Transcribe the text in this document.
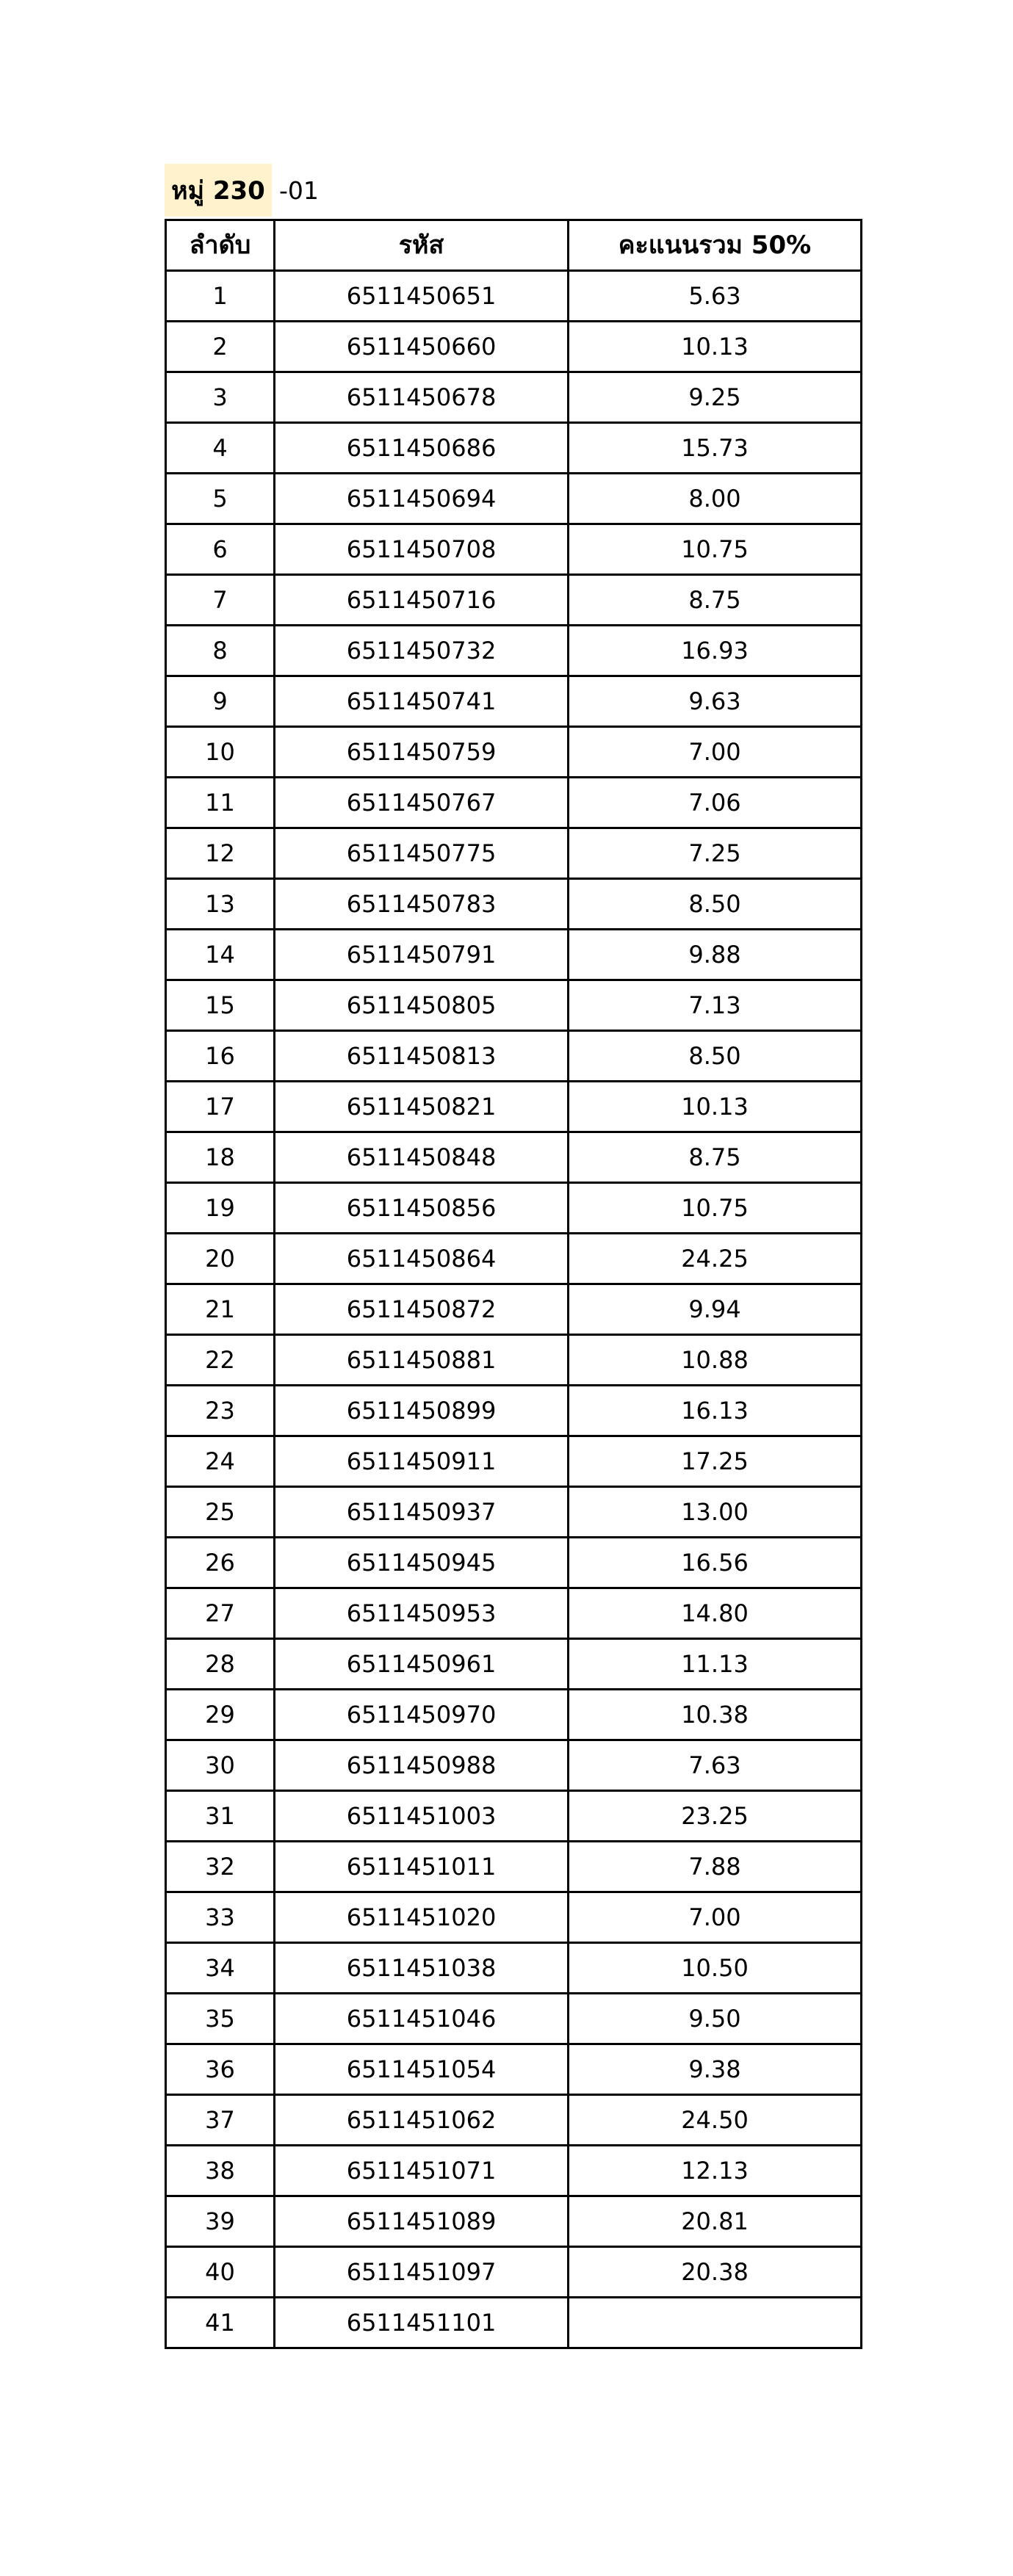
หมู่ 230 -01
ลำดับ	รหัส	คะแนนรวม 50%
1	6511450651	5.63
2	6511450660	10.13
3	6511450678	9.25
4	6511450686	15.73
5	6511450694	8.00
6	6511450708	10.75
7	6511450716	8.75
8	6511450732	16.93
9	6511450741	9.63
10	6511450759	7.00
11	6511450767	7.06
12	6511450775	7.25
13	6511450783	8.50
14	6511450791	9.88
15	6511450805	7.13
16	6511450813	8.50
17	6511450821	10.13
18	6511450848	8.75
19	6511450856	10.75
20	6511450864	24.25
21	6511450872	9.94
22	6511450881	10.88
23	6511450899	16.13
24	6511450911	17.25
25	6511450937	13.00
26	6511450945	16.56
27	6511450953	14.80
28	6511450961	11.13
29	6511450970	10.38
30	6511450988	7.63
31	6511451003	23.25
32	6511451011	7.88
33	6511451020	7.00
34	6511451038	10.50
35	6511451046	9.50
36	6511451054	9.38
37	6511451062	24.50
38	6511451071	12.13
39	6511451089	20.81
40	6511451097	20.38
41	6511451101	
